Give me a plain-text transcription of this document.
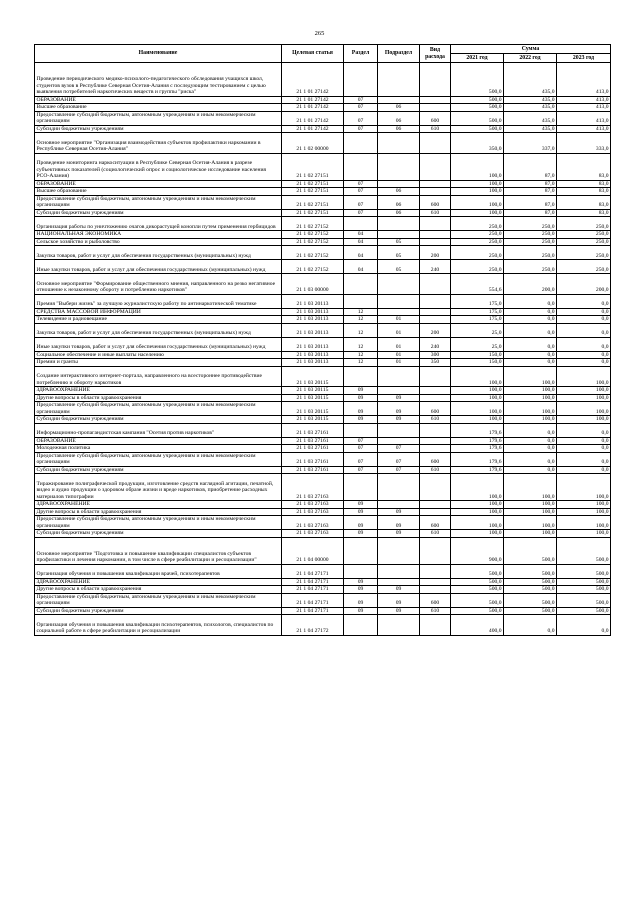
265
Наименование	Целевая статья	Раздел	Подраздел	Вид расхода	Сумма		
					2021 год	2022 год	2023 год
Проведение периодического медико-психолого-педагогического обследования учащихся школ, студентов вузов в Республике Северная Осетия-Алания с последующим тестированием с целью выявления потребителей наркотических веществ и группы "риска"	21 1 01 27142				500,0	435,0	413,0
ОБРАЗОВАНИЕ	21 1 01 27142	07			500,0	435,0	413,0
Высшее образование	21 1 01 27142	07	06		500,0	435,0	413,0
Предоставление субсидий бюджетным, автономным учреждениям и иным некоммерческим организациям	21 1 01 27142	07	06	600	500,0	435,0	413,0
Субсидии бюджетным учреждениям	21 1 01 27142	07	06	610	500,0	435,0	413,0
Основное мероприятие "Организация взаимодействия субъектов профилактики наркомании в Республике Северная Осетия-Алания"	21 1 02 00000				350,0	337,0	333,0
Проведение мониторинга наркоситуации в Республике Северная Осетия-Алания в разрезе субъективных показателей (социологический опрос и социологическое исследование населения РСО-Алания)	21 1 02 27151				100,0	87,0	83,0
ОБРАЗОВАНИЕ	21 1 02 27151	07			100,0	87,0	83,0
Высшее образование	21 1 02 27151	07	06		100,0	87,0	83,0
Предоставление субсидий бюджетным, автономным учреждениям и иным некоммерческим организациям	21 1 02 27151	07	06	600	100,0	87,0	83,0
Субсидии бюджетным учреждениям	21 1 02 27151	07	06	610	100,0	87,0	83,0
Организация работы по уничтожению очагов дикорастущей конопли путем применения гербицидов	21 1 02 27152				250,0	250,0	250,0
НАЦИОНАЛЬНАЯ ЭКОНОМИКА	21 1 02 27152	04			250,0	250,0	250,0
Сельское хозяйство и рыболовство	21 1 02 27152	04	05		250,0	250,0	250,0
Закупка товаров, работ и услуг для обеспечения государственных (муниципальных) нужд	21 1 02 27152	04	05	200	250,0	250,0	250,0
Иные закупки товаров, работ и услуг для обеспечения государственных (муниципальных) нужд	21 1 02 27152	04	05	240	250,0	250,0	250,0
Основное мероприятие "Формирование общественного мнения, направленного на резко негативное отношение к незаконному обороту и потреблению наркотиков"	21 1 03 00000				554,6	200,0	200,0
Премия "Выбери жизнь" за лучшую журналистскую работу по антинаркотической тематике	21 1 03 20113				175,0	0,0	0,0
СРЕДСТВА МАССОВОЙ ИНФОРМАЦИИ	21 1 03 20113	12			175,0	0,0	0,0
Телевидение и радиовещание	21 1 03 20113	12	01		175,0	0,0	0,0
Закупка товаров, работ и услуг для обеспечения государственных (муниципальных) нужд	21 1 03 20113	12	01	200	25,0	0,0	0,0
Иные закупки товаров, работ и услуг для обеспечения государственных (муниципальных) нужд	21 1 03 20113	12	01	240	25,0	0,0	0,0
Социальное обеспечение и иные выплаты населению	21 1 03 20113	12	01	300	150,0	0,0	0,0
Премии и гранты	21 1 03 20113	12	01	350	150,0	0,0	0,0
Создание интерактивного интернет-портала, направленного на всестороннее противодействие потреблению и обороту наркотиков	21 1 03 20115				100,0	100,0	100,0
ЗДРАВООХРАНЕНИЕ	21 1 03 20115	09			100,0	100,0	100,0
Другие вопросы в области здравоохранения	21 1 03 20115	09	09		100,0	100,0	100,0
Предоставление субсидий бюджетным, автономным учреждениям и иным некоммерческим организациям	21 1 03 20115	09	09	600	100,0	100,0	100,0
Субсидии бюджетным учреждениям	21 1 03 20115	09	09	610	100,0	100,0	100,0
Информационно-пропагандистская кампания "Осетия против наркотиков"	21 1 03 27161				179,6	0,0	0,0
ОБРАЗОВАНИЕ	21 1 03 27161	07			179,6	0,0	0,0
Молодежная политика	21 1 03 27161	07	07		179,6	0,0	0,0
Предоставление субсидий бюджетным, автономным учреждениям и иным некоммерческим организациям	21 1 03 27161	07	07	600	179,6	0,0	0,0
Субсидии бюджетным учреждениям	21 1 03 27161	07	07	610	179,6	0,0	0,0
Тиражирование полиграфической продукции, изготовление средств наглядной агитации, печатной, видео и аудио продукции о здоровом образе жизни и вреде наркотиков, приобретение расходных материалов типографии	21 1 03 27163				100,0	100,0	100,0
ЗДРАВООХРАНЕНИЕ	21 1 03 27163	09			100,0	100,0	100,0
Другие вопросы в области здравоохранения	21 1 03 27163	09	09		100,0	100,0	100,0
Предоставление субсидий бюджетным, автономным учреждениям и иным некоммерческим организациям	21 1 03 27163	09	09	600	100,0	100,0	100,0
Субсидии бюджетным учреждениям	21 1 03 27163	09	09	610	100,0	100,0	100,0
Основное мероприятие "Подготовка и повышение квалификации специалистов субъектов профилактики и лечения наркомании, в том числе в сфере реабилитации и ресоциализации"	21 1 04 00000				900,0	500,0	500,0
Организация обучения и повышения квалификации врачей, психотерапевтов	21 1 04 27171				500,0	500,0	500,0
ЗДРАВООХРАНЕНИЕ	21 1 04 27171	09			500,0	500,0	500,0
Другие вопросы в области здравоохранения	21 1 04 27171	09	09		500,0	500,0	500,0
Предоставление субсидий бюджетным, автономным учреждениям и иным некоммерческим организациям	21 1 04 27171	09	09	600	500,0	500,0	500,0
Субсидии бюджетным учреждениям	21 1 04 27171	09	09	610	500,0	500,0	500,0
Организация обучения и повышения квалификации психотерапевтов, психологов, специалистов по социальной работе в сфере реабилитации и ресоциализации	21 1 04 27172				400,0	0,0	0,0
